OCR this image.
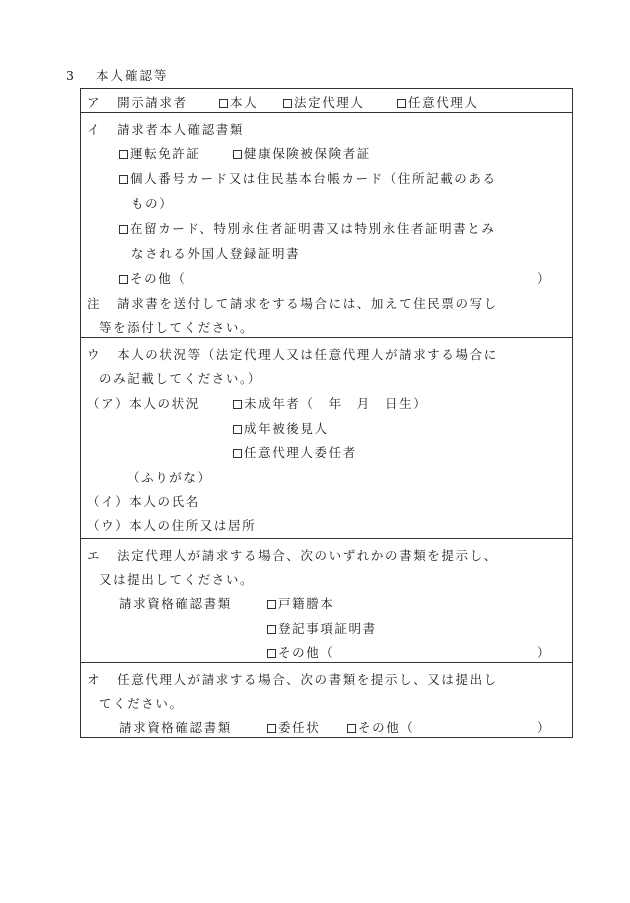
3 本人確認等
ア 開示請求者	本人	法定代理人	任意代理人
イ 請求者本人確認書類
運転免許証	健康保険被保険者証
個人番号カード又は住民基本台帳カード（住所記載のある
もの）
在留カード、特別永住者証明書又は特別永住者証明書とみ
なされる外国人登録証明書
その他（	）
注 請求書を送付して請求をする場合には、加えて住民票の写し
等を添付してください。
ウ 本人の状況等（法定代理人又は任意代理人が請求する場合に
のみ記載してください。）
（ア）本人の状況	未成年者（　年　月　日生）
成年被後見人
任意代理人委任者
（ふりがな）
（イ）本人の氏名
（ウ）本人の住所又は居所
エ 法定代理人が請求する場合、次のいずれかの書類を提示し、
又は提出してください。
請求資格確認書類	戸籍謄本
登記事項証明書
その他（	）
オ 任意代理人が請求する場合、次の書類を提示し、又は提出し
てください。
請求資格確認書類	委任状	その他（	）
